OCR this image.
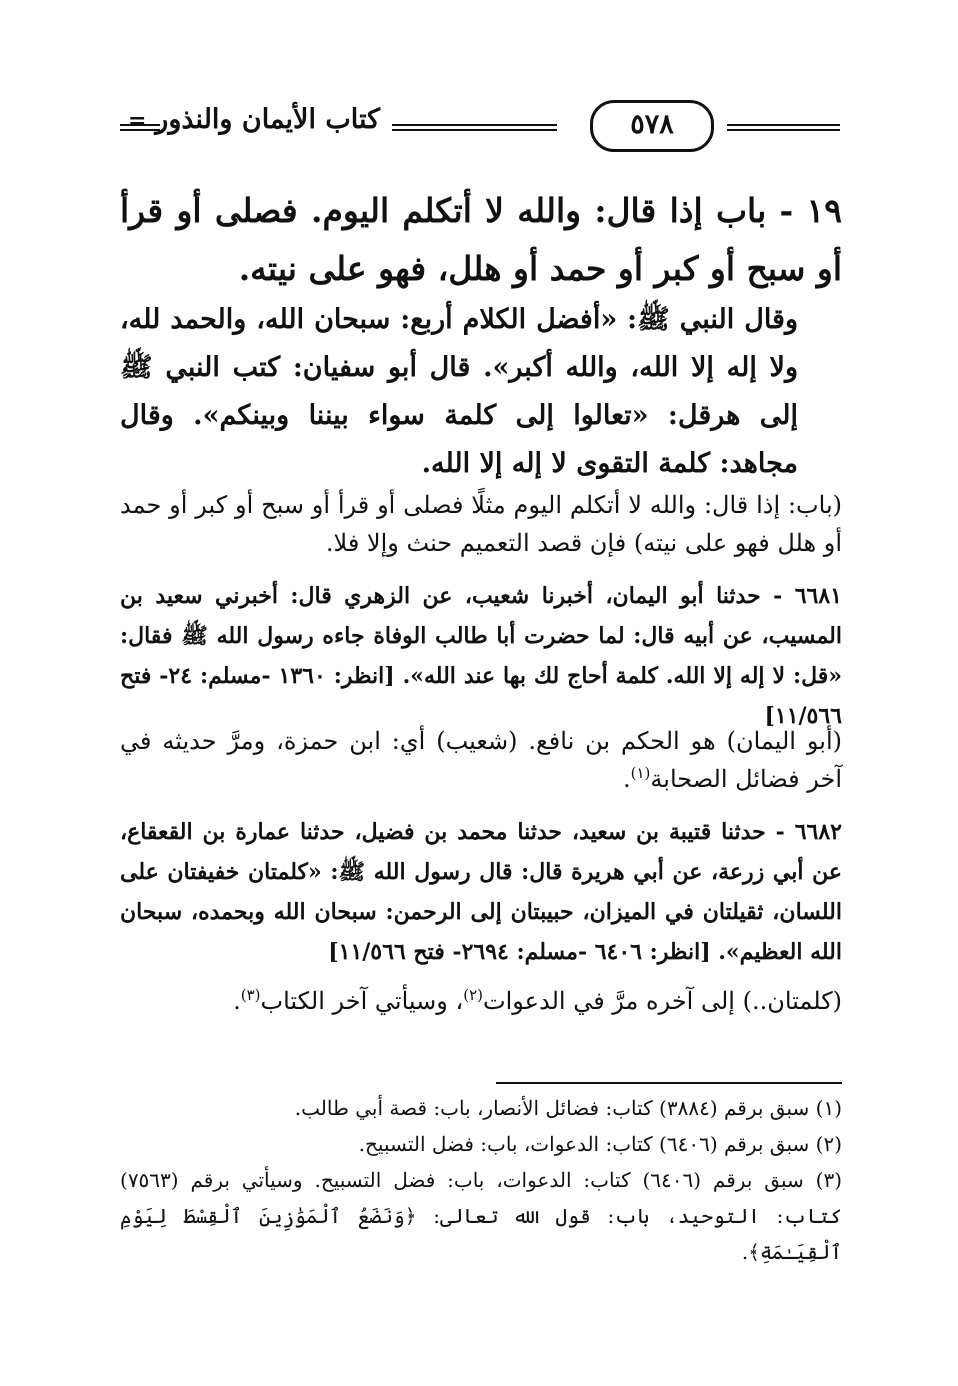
٥٧٨
كتاب الأيمان والنذور
=
١٩ - باب إذا قال: والله لا أتكلم اليوم. فصلى أو قرأ أو سبح أو كبر أو حمد أو هلل، فهو على نيته.
وقال النبي ﷺ: «أفضل الكلام أربع: سبحان الله، والحمد لله، ولا إله إلا الله، والله أكبر». قال أبو سفيان: كتب النبي ﷺ إلى هرقل: «تعالوا إلى كلمة سواء بيننا وبينكم». وقال مجاهد: كلمة التقوى لا إله إلا الله.
(باب: إذا قال: والله لا أتكلم اليوم مثلًا فصلى أو قرأ أو سبح أو كبر أو حمد أو هلل فهو على نيته) فإن قصد التعميم حنث وإلا فلا.
٦٦٨١ - حدثنا أبو اليمان، أخبرنا شعيب، عن الزهري قال: أخبرني سعيد بن المسيب، عن أبيه قال: لما حضرت أبا طالب الوفاة جاءه رسول الله ﷺ فقال: «قل: لا إله إلا الله. كلمة أحاج لك بها عند الله». [انظر: ١٣٦٠ -مسلم: ٢٤- فتح ١١/٥٦٦]
(أبو اليمان) هو الحكم بن نافع. (شعيب) أي: ابن حمزة، ومرَّ حديثه في آخر فضائل الصحابة$^{(١)}$.
٦٦٨٢ - حدثنا قتيبة بن سعيد، حدثنا محمد بن فضيل، حدثنا عمارة بن القعقاع، عن أبي زرعة، عن أبي هريرة قال: قال رسول الله ﷺ: «كلمتان خفيفتان على اللسان، ثقيلتان في الميزان، حبيبتان إلى الرحمن: سبحان الله وبحمده، سبحان الله العظيم». [انظر: ٦٤٠٦ -مسلم: ٢٦٩٤- فتح ١١/٥٦٦]
(كلمتان..) إلى آخره مرَّ في الدعوات$^{(٢)}$، وسيأتي آخر الكتاب$^{(٣)}$.

(١) سبق برقم (٣٨٨٤) كتاب: فضائل الأنصار، باب: قصة أبي طالب.

(٢) سبق برقم (٦٤٠٦) كتاب: الدعوات، باب: فضل التسبيح.

(٣) سبق برقم (٦٤٠٦) كتاب: الدعوات، باب: فضل التسبيح. وسيأتي برقم (٧٥٦٣) كتاب: التوحيد، باب: قول الله تعالى: ﴿وَنَضَعُ ٱلْمَوَٰزِينَ ٱلْقِسْطَ لِيَوْمِ ٱلْقِيَـٰمَةِ﴾.
